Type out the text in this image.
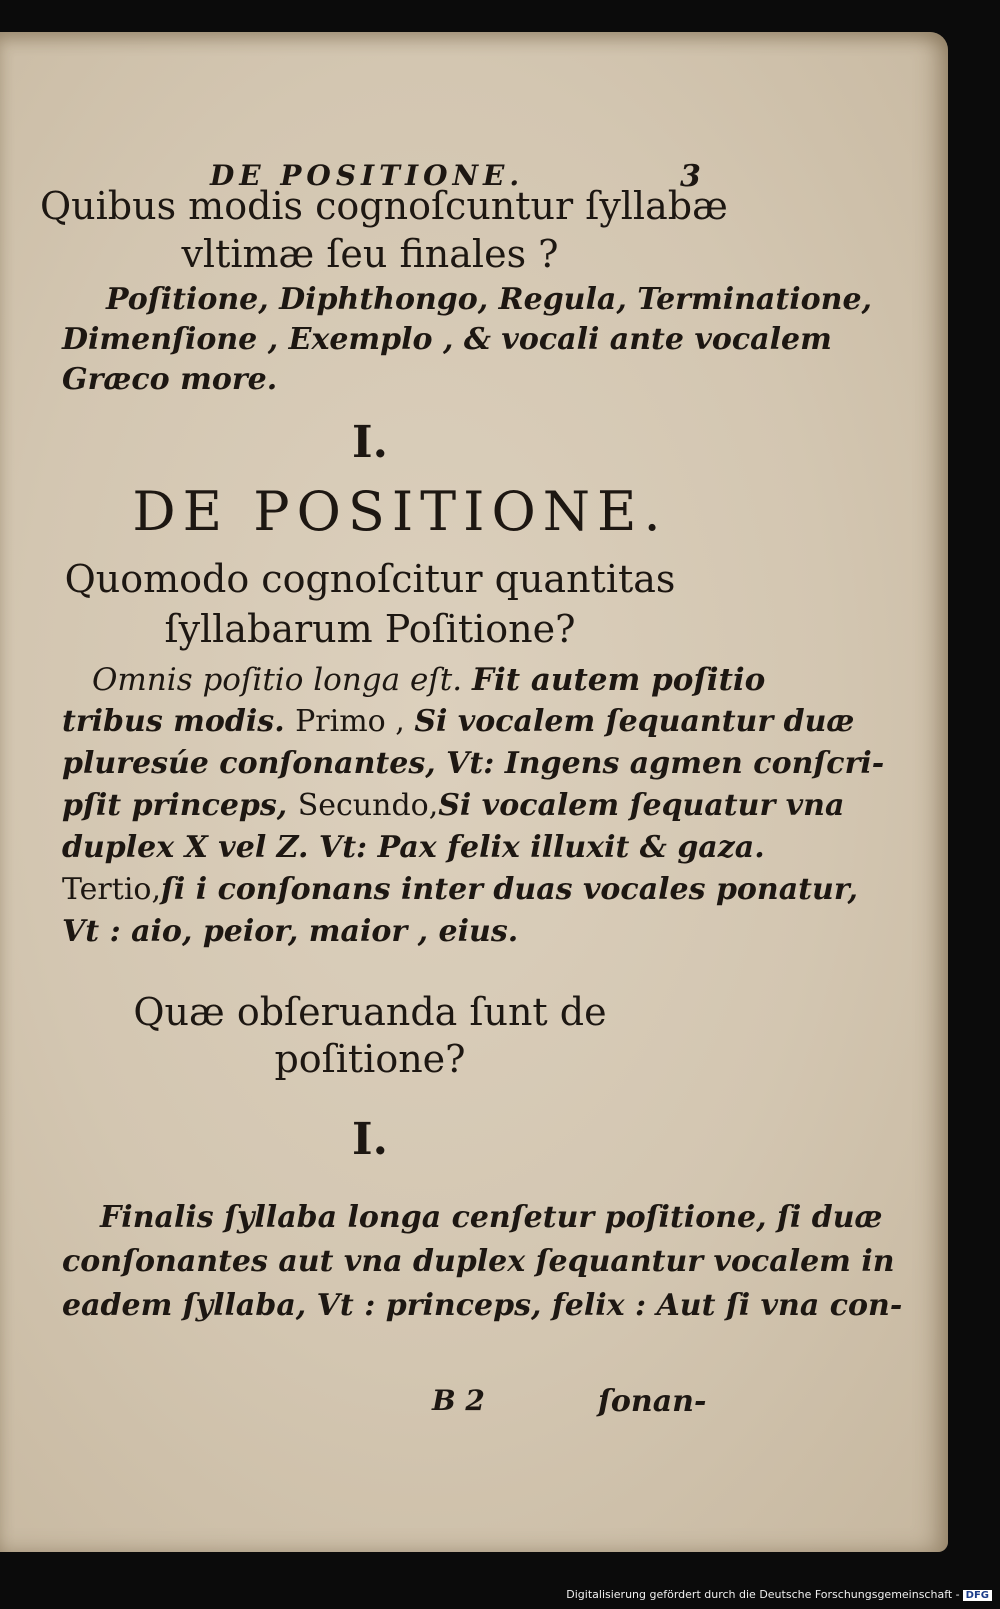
DE POSITIONE.	3
Quibus modis cognoſcuntur ſyllabæ
vltimæ ſeu finales ?
Poſitione, Diphthongo, Regula, Terminatione,
Dimenſione , Exemplo , & vocali ante vocalem
Græco more.
I.
DE POSITIONE.
Quomodo cognoſcitur quantitas
ſyllabarum Poſitione?
Omnis poſitio longa eſt. Fit autem poſitio
tribus modis. Primo , Si vocalem ſequantur duæ
pluresúe conſonantes, Vt: Ingens agmen conſcri-
pſit princeps, Secundo,Si vocalem ſequatur vna
duplex X vel Z. Vt: Pax felix illuxit & gaza.
Tertio,ſi i conſonans inter duas vocales ponatur,
Vt : aio, peior, maior , eius.
Quæ obſeruanda ſunt de
poſitione?
I.
Finalis ſyllaba longa cenſetur poſitione, ſi duæ
conſonantes aut vna duplex ſequantur vocalem in
eadem ſyllaba, Vt : princeps, felix : Aut ſi vna con-
B 2	ſonan-
Digitalisierung gefördert durch die Deutsche Forschungsgemeinschaft - DFG
